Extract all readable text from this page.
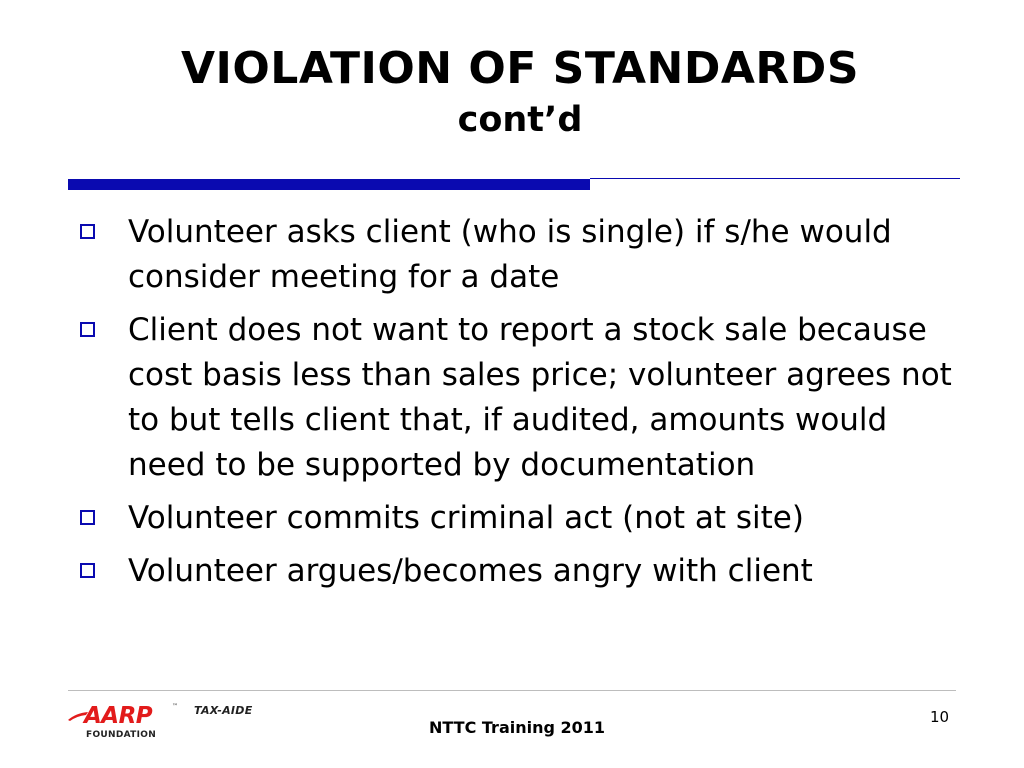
VIOLATION OF STANDARDS
cont’d
Volunteer asks client (who is single) if s/he would consider meeting for a date
Client does not want to report a stock sale because cost basis less than sales price; volunteer agrees not to but tells client that, if audited, amounts would need to be supported by documentation
Volunteer commits criminal act (not at site)
Volunteer argues/becomes angry with client
AARP	™ TAX-AIDE
FOUNDATION	NTTC Training 2011
10
